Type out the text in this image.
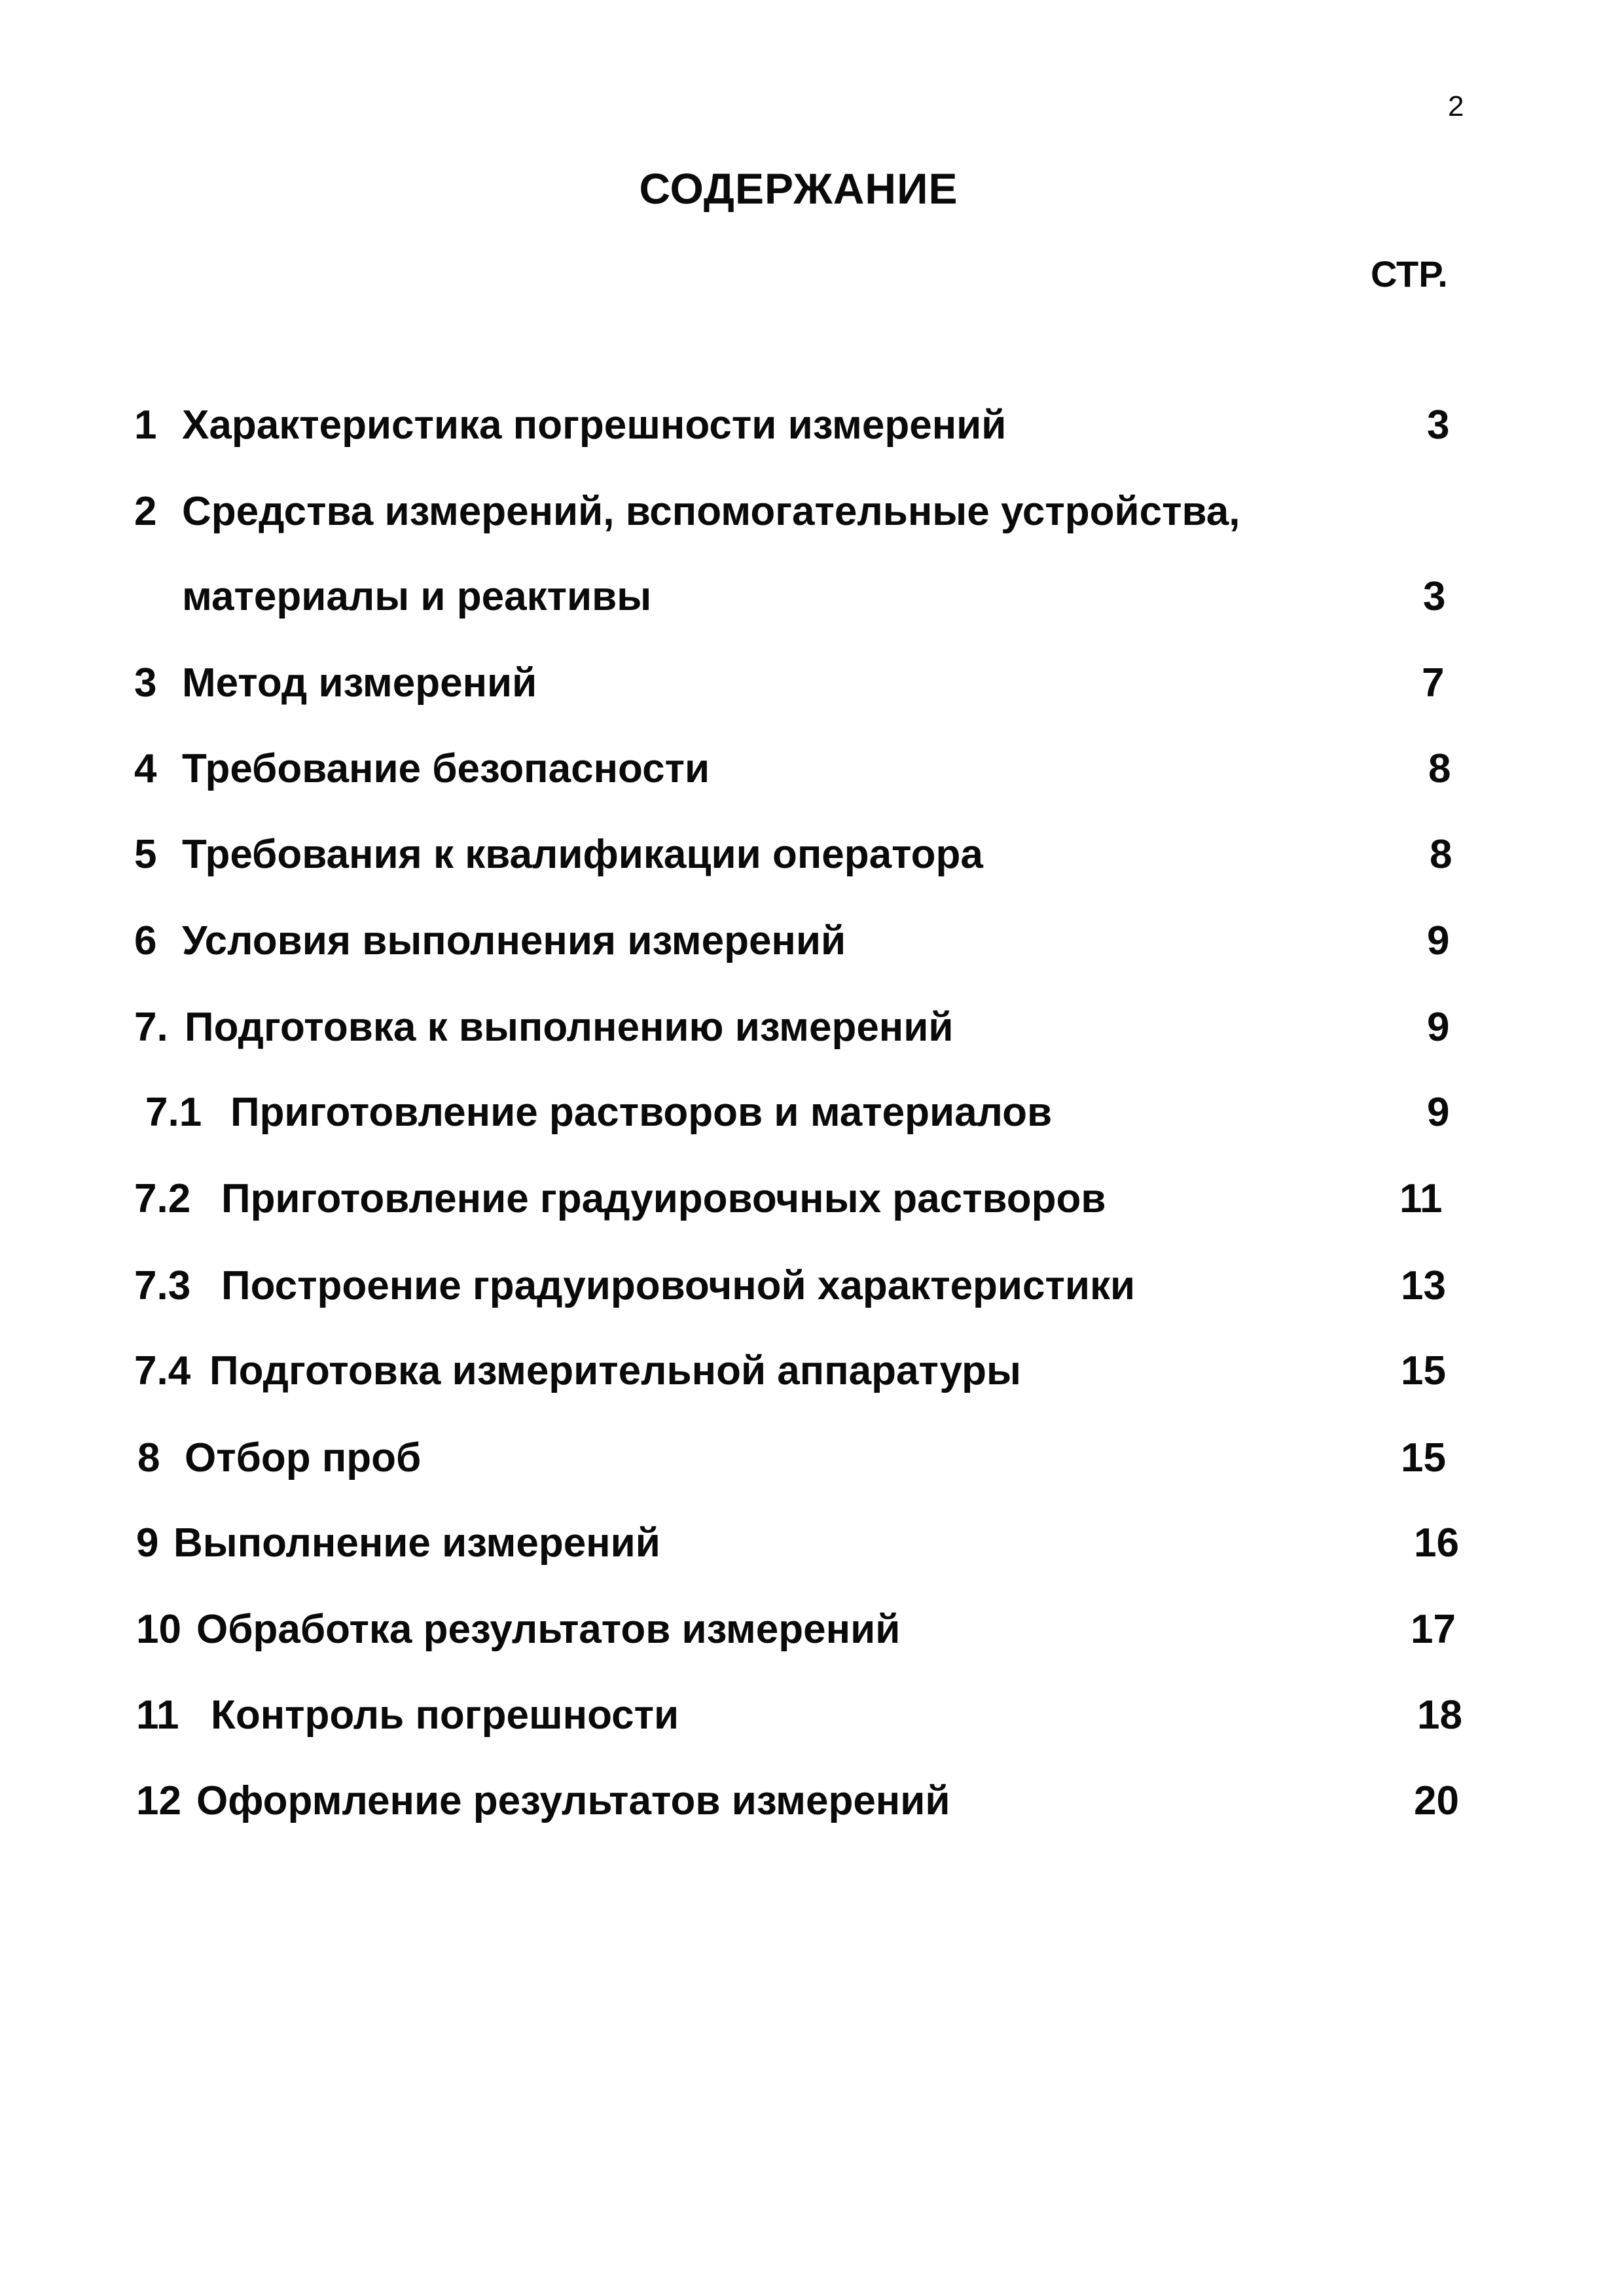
2
СОДЕРЖАНИЕ
СТР.
1 Характеристика погрешности измерений	3
2 Средства измерений, вспомогательные устройства,
материалы и реактивы	3
3 Метод измерений	7
4 Требование безопасности	8
5 Требования к квалификации оператора	8
6 Условия выполнения измерений	9
7. Подготовка к выполнению измерений	9
7.1 Приготовление растворов и материалов	9
7.2 Приготовление градуировочных растворов	11
7.3 Построение градуировочной характеристики	13
7.4 Подготовка измерительной аппаратуры	15
8 Отбор проб	15
9 Выполнение измерений	16
10 Обработка результатов измерений	17
11 Контроль погрешности	18
12 Оформление результатов измерений	20
